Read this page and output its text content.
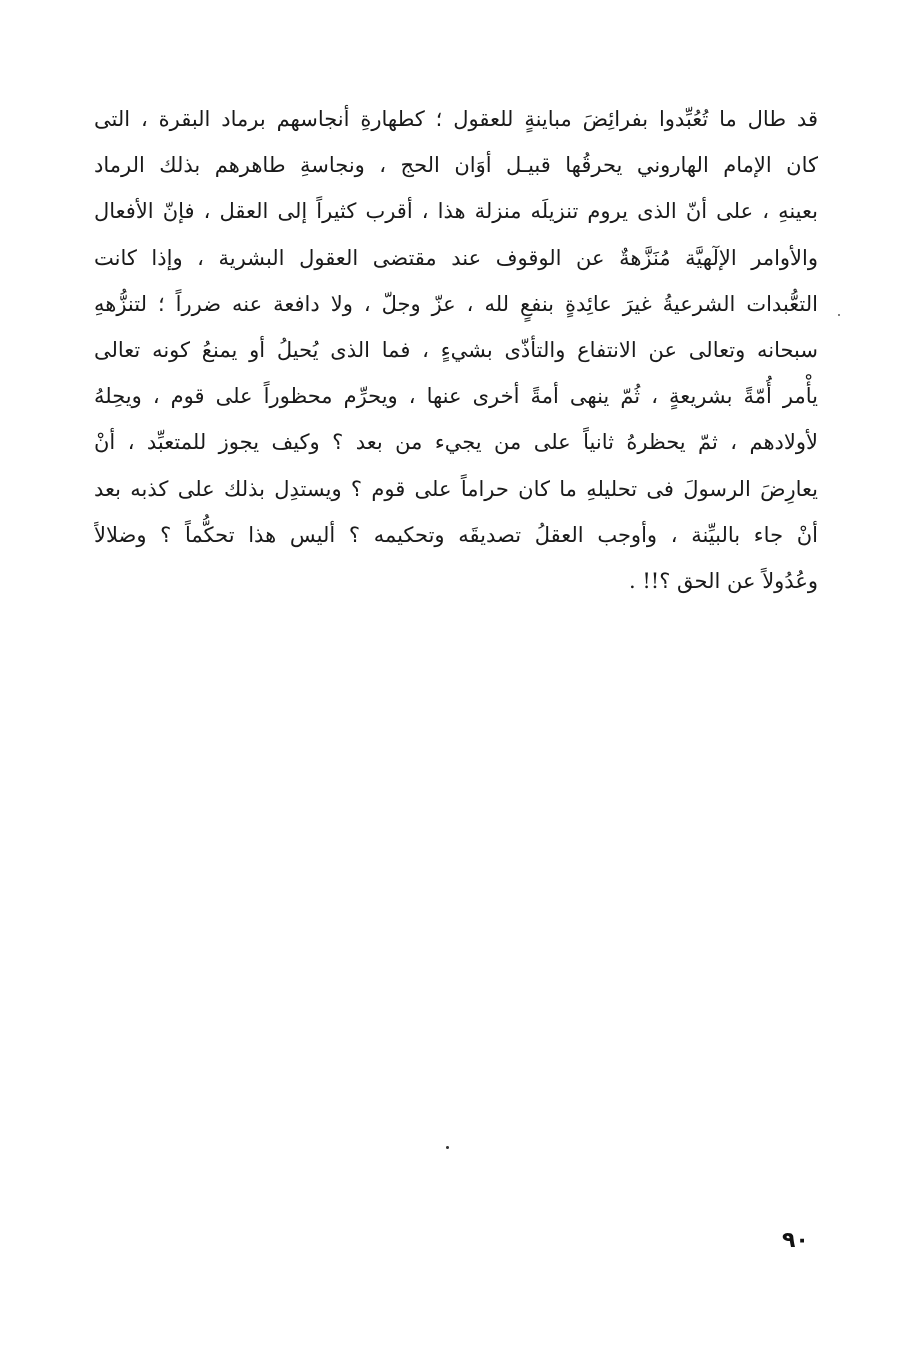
قد طال ما تُعُبِّدوا بفرائِضَ مباينةٍ للعقول ؛ كطهارةِ أنجاسهم برماد البقرة ، التى
كان الإمام الهاروني يحرقُها قبيـل أوَان الحج ، ونجاسةِ طاهرهم بذلك الرماد
بعينهِ ، على أنّ الذى يروم تنزيلَه منزلة هذا ، أقرب كثيراً إلى العقل ، فإنّ الأفعال
والأوامر الإلٓهيَّة مُنَزَّهةٌ عن الوقوف عند مقتضى العقول البشرية ، وإذا كانت
التعُّبدات الشرعيةُ غيرَ عائِدةٍ بنفعٍ لله ، عزّ وجلّ ، ولا دافعة عنه ضرراً ؛ لتنزُّههِ
سبحانه وتعالى عن الانتفاع والتأذّى بشيءٍ ، فما الذى يُحيلُ أو يمنعُ كونه تعالى
يأْمر أُمّةً بشريعةٍ ، ثُمّ ينهى أمةً أخرى عنها ، ويحرِّم محظوراً على قوم ، ويحِلهُ
لأولادهم ، ثمّ يحظرهُ ثانياً على من يجيء من بعد ؟ وكيف يجوز للمتعبِّد ، أنْ
يعارِضَ الرسولَ فى تحليلهِ ما كان حراماً على قوم ؟ ويستدِل بذلك على كذبه بعد
أنْ جاء بالبيِّنة ، وأوجب العقلُ تصديقَه وتحكيمه ؟ أليس هذا تحكُّماً ؟ وضلالاً
وعُدُولاً عن الحق ؟!! .
٩٠
